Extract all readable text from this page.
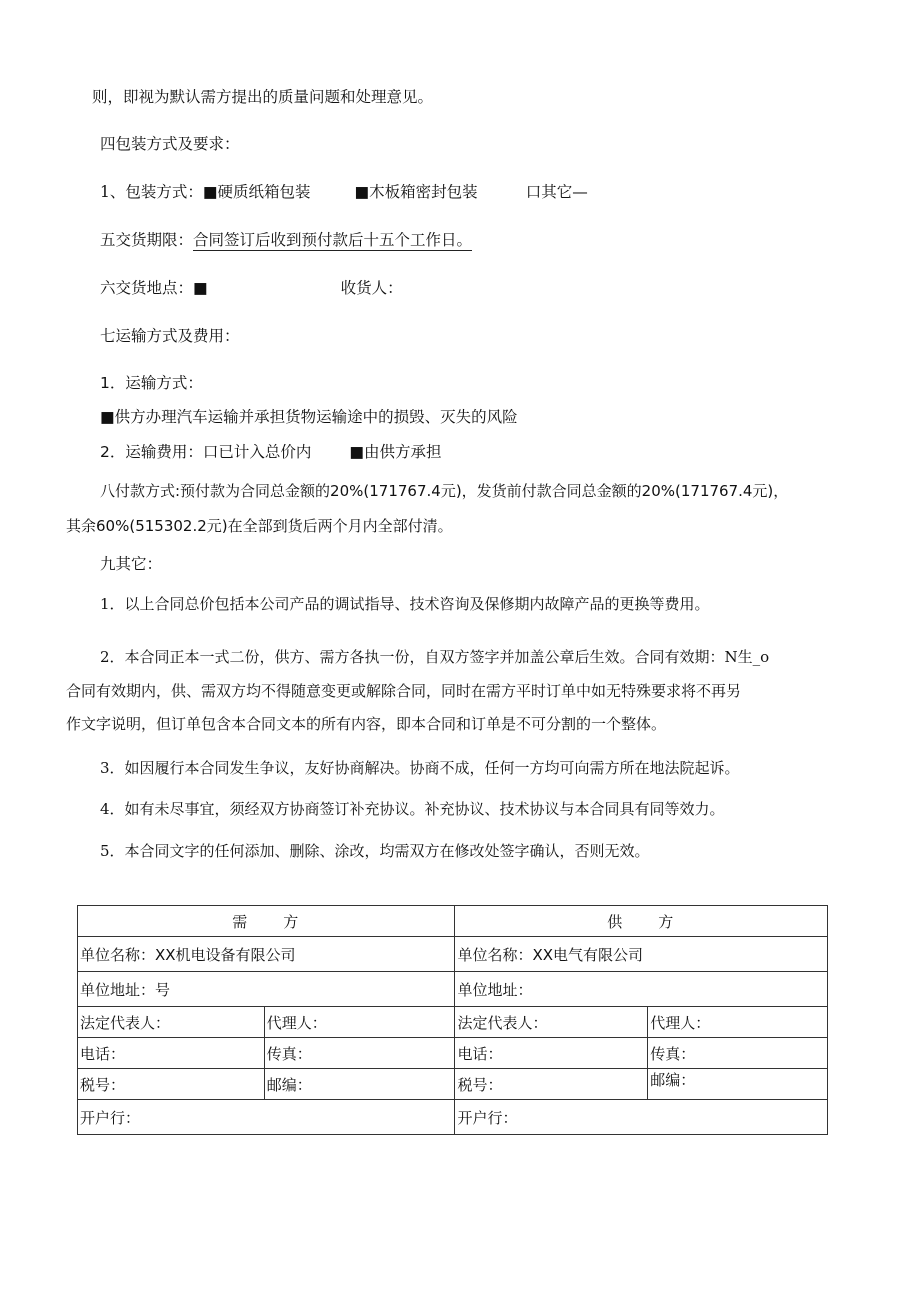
则，即视为默认需方提出的质量问题和处理意见。
四包装方式及要求：
1、包装方式：■硬质纸箱包装	■木板箱密封包装	口其它—
五交货期限：合同签订后收到预付款后十五个工作日。
六交货地点：■	收货人：
七运输方式及费用：
1．运输方式：
■供方办理汽车运输并承担货物运输途中的损毁、灭失的风险
2．运输费用：口已计入总价内 ■由供方承担
八付款方式:预付款为合同总金额的20%(171767.4元)，发货前付款合同总金额的20%(171767.4元)，
其余60%(515302.2元)在全部到货后两个月内全部付清。
九其它：
1．以上合同总价包括本公司产品的调试指导、技术咨询及保修期内故障产品的更换等费用。
2．本合同正本一式二份，供方、需方各执一份，自双方签字并加盖公章后生效。合同有效期：N生_o
合同有效期内，供、需双方均不得随意变更或解除合同，同时在需方平时订单中如无特殊要求将不再另
作文字说明，但订单包含本合同文本的所有内容，即本合同和订单是不可分割的一个整体。
3．如因履行本合同发生争议，友好协商解决。协商不成，任何一方均可向需方所在地法院起诉。
4．如有未尽事宜，须经双方协商签订补充协议。补充协议、技术协议与本合同具有同等效力。
5．本合同文字的任何添加、删除、涂改，均需双方在修改处签字确认，否则无效。
需　　方		供　　方	
单位名称：XX机电设备有限公司		单位名称：XX电气有限公司	
单位地址：号		单位地址：	
法定代表人：	代理人：	法定代表人：	代理人：
电话：	传真：	电话：	传真：
税号：	邮编：	税号：	邮编：
开户行：		开户行：	
